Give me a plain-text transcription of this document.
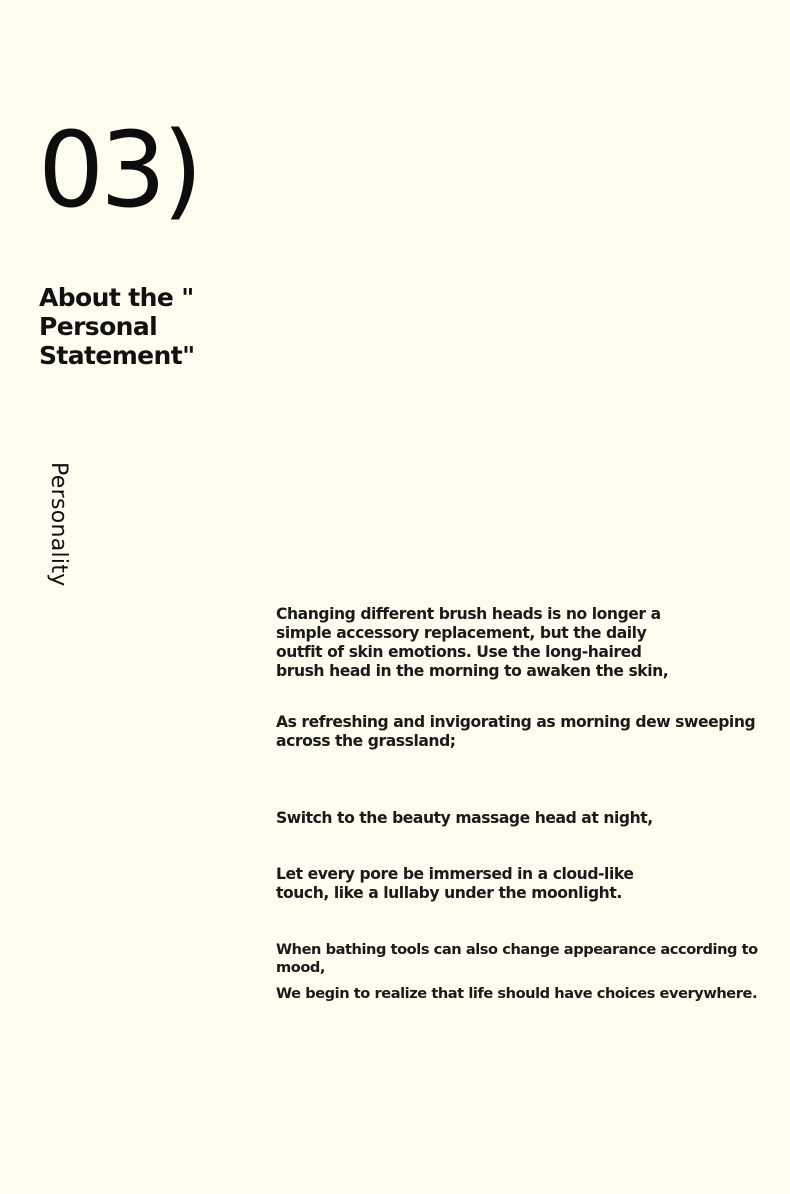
03)
About the "
Personal
Statement"
Personality

Changing different brush heads is no longer a simple accessory replacement, but the daily outfit of skin emotions. Use the long-haired brush head in the morning to awaken the skin,

As refreshing and invigorating as morning dew sweeping across the grassland;

Switch to the beauty massage head at night,

Let every pore be immersed in a cloud-like touch, like a lullaby under the moonlight.

When bathing tools can also change appearance according to mood,

We begin to realize that life should have choices everywhere.
